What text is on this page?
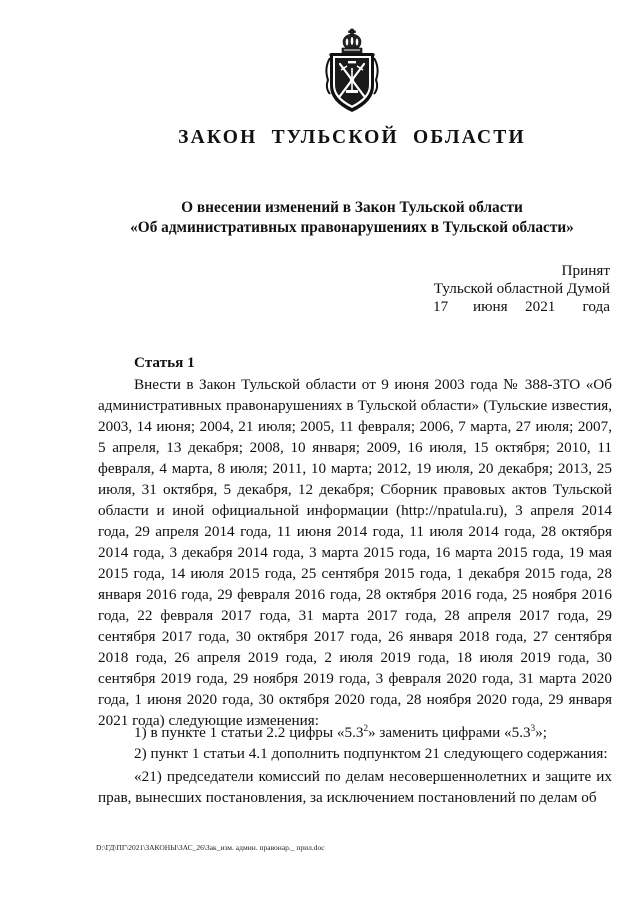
ЗАКОН ТУЛЬСКОЙ ОБЛАСТИ
О внесении изменений в Закон Тульской области
«Об административных правонарушениях в Тульской области»
Принят
Тульской областной Думой
17 июня 2021 года
Статья 1
Внести в Закон Тульской области от 9 июня 2003 года № 388-ЗТО «Об административных правонарушениях в Тульской области» (Тульские известия, 2003, 14 июня; 2004, 21 июля; 2005, 11 февраля; 2006, 7 марта, 27 июля; 2007, 5 апреля, 13 декабря; 2008, 10 января; 2009, 16 июля, 15 октября; 2010, 11 февраля, 4 марта, 8 июля; 2011, 10 марта; 2012, 19 июля, 20 декабря; 2013, 25 июля, 31 октября, 5 декабря, 12 декабря; Сборник правовых актов Тульской области и иной официальной информации (http://npatula.ru), 3 апреля 2014 года, 29 апреля 2014 года, 11 июня 2014 года, 11 июля 2014 года, 28 октября 2014 года, 3 декабря 2014 года, 3 марта 2015 года, 16 марта 2015 года, 19 мая 2015 года, 14 июля 2015 года, 25 сентября 2015 года, 1 декабря 2015 года, 28 января 2016 года, 29 февраля 2016 года, 28 октября 2016 года, 25 ноября 2016 года, 22 февраля 2017 года, 31 марта 2017 года, 28 апреля 2017 года, 29 сентября 2017 года, 30 октября 2017 года, 26 января 2018 года, 27 сентября 2018 года, 26 апреля 2019 года, 2 июля 2019 года, 18 июля 2019 года, 30 сентября 2019 года, 29 ноября 2019 года, 3 февраля 2020 года, 31 марта 2020 года, 1 июня 2020 года, 30 октября 2020 года, 28 ноября 2020 года, 29 января 2021 года) следующие изменения:
1) в пункте 1 статьи 2.2 цифры «$5.3^2$» заменить цифрами «$5.3^3$»;
2) пункт 1 статьи 4.1 дополнить подпунктом 21 следующего содержания:
«21) председатели комиссий по делам несовершеннолетних и защите их прав, вынесших постановления, за исключением постановлений по делам об
D:\ГД\ПГ\2021\ЗАКОНЫ\ЗАС_26\Зак_изм. админ. правонар._ прил.doc
